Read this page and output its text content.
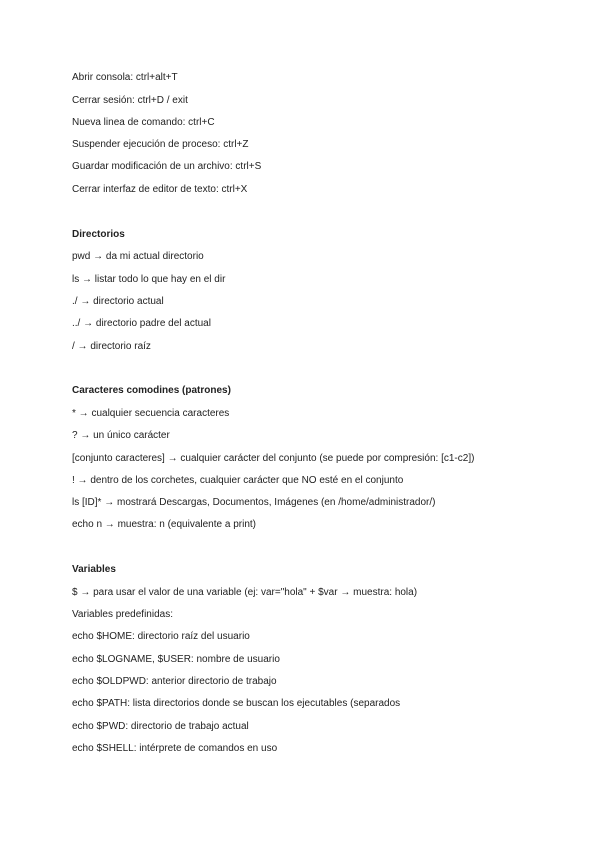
Abrir consola: ctrl+alt+T
Cerrar sesión: ctrl+D / exit
Nueva linea de comando: ctrl+C
Suspender ejecución de proceso: ctrl+Z
Guardar modificación de un archivo: ctrl+S
Cerrar interfaz de editor de texto: ctrl+X
Directorios
pwd → da mi actual directorio
ls → listar todo lo que hay en el dir
./ → directorio actual
../ → directorio padre del actual
/ → directorio raíz
Caracteres comodines (patrones)
* → cualquier secuencia caracteres
? → un único carácter
[conjunto caracteres] → cualquier carácter del conjunto (se puede por compresión: [c1-c2])
! → dentro de los corchetes, cualquier carácter que NO esté en el conjunto
ls [ID]* → mostrará Descargas, Documentos, Imágenes (en /home/administrador/)
echo n → muestra: n (equivalente a print)
Variables
$ → para usar el valor de una variable (ej: var="hola" + $var → muestra: hola)
Variables predefinidas:
echo $HOME: directorio raíz del usuario
echo $LOGNAME, $USER: nombre de usuario
echo $OLDPWD: anterior directorio de trabajo
echo $PATH: lista directorios donde se buscan los ejecutables (separados
echo $PWD: directorio de trabajo actual
echo $SHELL: intérprete de comandos en uso
